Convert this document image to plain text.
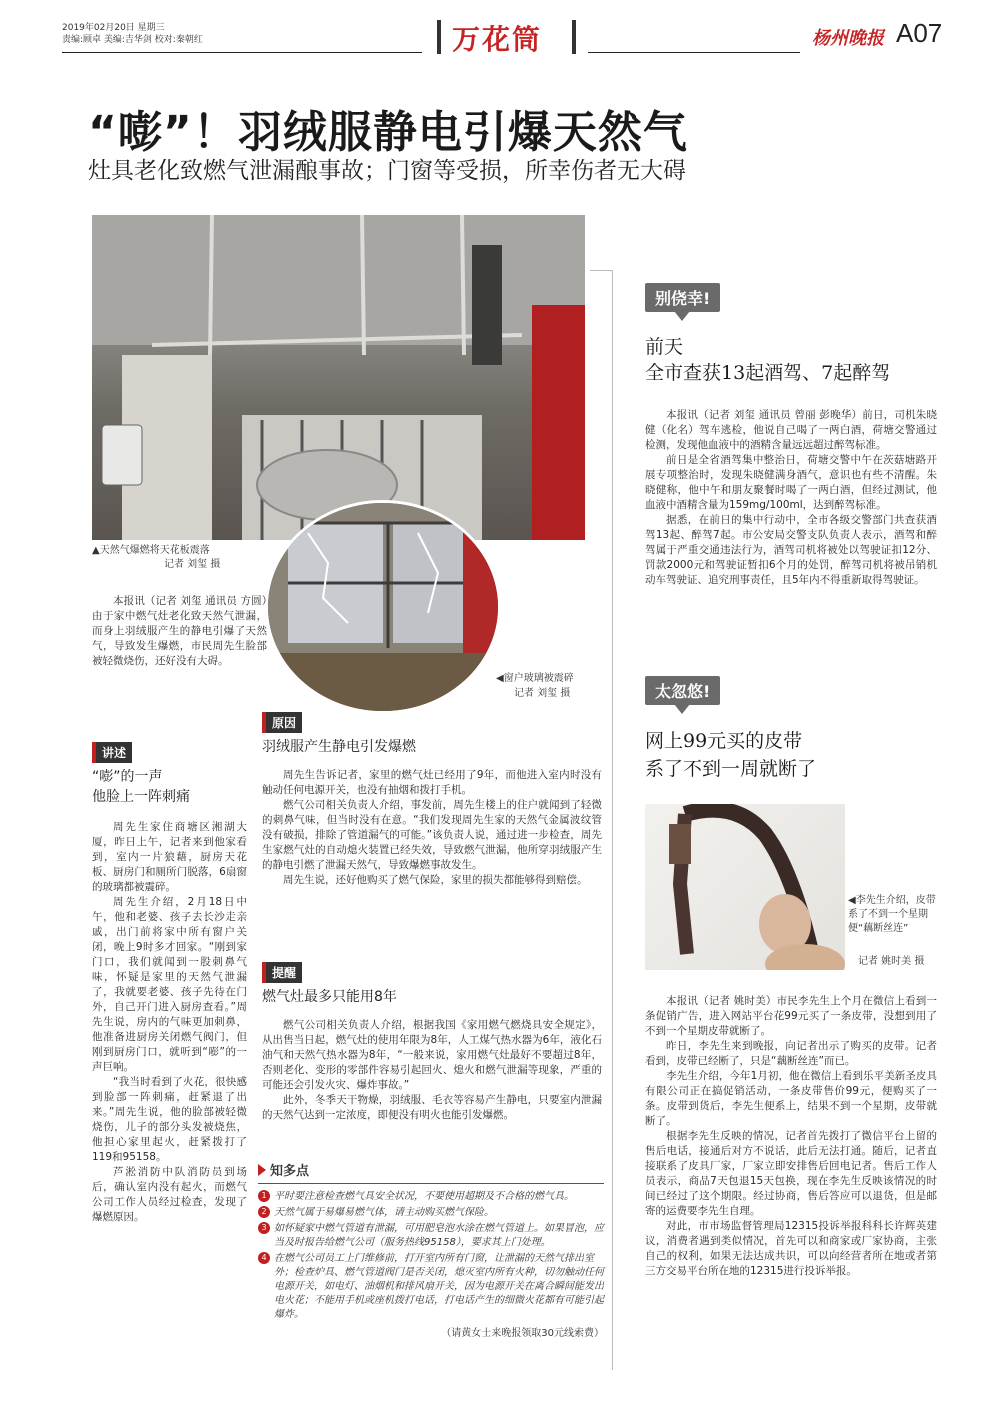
2019年02月20日 星期三
责编:顾卓 美编:吉华剑 校对:秦朝红	万花筒	杨州晚报 A07
“嘭”！羽绒服静电引爆天然气
灶具老化致燃气泄漏酿事故；门窗等受损，所幸伤者无大碍
▲天然气爆燃将天花板震落
记者 刘玺 摄
◀窗户玻璃被震碎
记者 刘玺 摄

本报讯（记者 刘玺 通讯员 方圆）由于家中燃气灶老化致天然气泄漏，而身上羽绒服产生的静电引爆了天然气，导致发生爆燃，市民周先生脸部被轻微烧伤，还好没有大碍。

讲述
“嘭”的一声
他脸上一阵刺痛

周先生家住商塘区湘湖大厦，昨日上午，记者来到他家看到，室内一片狼藉，厨房天花板、厨房门和厕所门脱落，6扇窗的玻璃都被震碎。

周先生介绍，2月18日中午，他和老婆、孩子去长沙走亲戚，出门前将家中所有窗户关闭，晚上9时多才回家。“刚到家门口，我们就闻到一股刺鼻气味，怀疑是家里的天然气泄漏了，我就要老婆、孩子先待在门外，自己开门进入厨房查看。”周先生说，房内的气味更加刺鼻，他准备进厨房关闭燃气阀门，但刚到厨房门口，就听到“嘭”的一声巨响。

“我当时看到了火花，很快感到脸部一阵刺痛，赶紧退了出来。”周先生说，他的脸部被轻微烧伤，儿子的部分头发被烧焦，他担心家里起火，赶紧拨打了119和95158。

芦淞消防中队消防员到场后，确认室内没有起火，而燃气公司工作人员经过检查，发现了爆燃原因。

原因
羽绒服产生静电引发爆燃

周先生告诉记者，家里的燃气灶已经用了9年，而他进入室内时没有触动任何电源开关，也没有抽烟和拨打手机。

燃气公司相关负责人介绍，事发前，周先生楼上的住户就闻到了轻微的刺鼻气味，但当时没有在意。“我们发现周先生家的天然气金属波纹管没有破损，排除了管道漏气的可能。”该负责人说，通过进一步检查，周先生家燃气灶的自动熄火装置已经失效，导致燃气泄漏，他所穿羽绒服产生的静电引燃了泄漏天然气，导致爆燃事故发生。

周先生说，还好他购买了燃气保险，家里的损失都能够得到赔偿。

提醒
燃气灶最多只能用8年

燃气公司相关负责人介绍，根据我国《家用燃气燃烧具安全规定》，从出售当日起，燃气灶的使用年限为8年，人工煤气热水器为6年，液化石油气和天然气热水器为8年，“一般来说，家用燃气灶最好不要超过8年，否则老化、变形的零部件容易引起回火、熄火和燃气泄漏等现象，严重的可能还会引发火灾、爆炸事故。”

此外，冬季天干物燥，羽绒服、毛衣等容易产生静电，只要室内泄漏的天然气达到一定浓度，即便没有明火也能引发爆燃。

知多点
1 平时要注意检查燃气具安全状况，不要使用超期及不合格的燃气具。
2 天然气属于易爆易燃气体，请主动购买燃气保险。
3 如怀疑家中燃气管道有泄漏，可用肥皂泡水涂在燃气管道上。如果冒泡，应当及时报告给燃气公司（服务热线95158），要求其上门处理。
4 在燃气公司员工上门维修前，打开室内所有门窗，让泄漏的天然气排出室外；检查炉具、燃气管道阀门是否关闭，熄灭室内所有火种，切勿触动任何电源开关，如电灯、油烟机和排风扇开关，因为电源开关在离合瞬间能发出电火花；不能用手机或座机拨打电话，打电话产生的细微火花都有可能引起爆炸。
（请黄女士来晚报领取30元线索费）
别侥幸!
前天
全市查获13起酒驾、7起醉驾

本报讯（记者 刘玺 通讯员 曾丽 彭晚华）前日，司机朱晓健（化名）驾车逃检，他说自己喝了一两白酒，荷塘交警通过检测，发现他血液中的酒精含量远远超过醉驾标准。

前日是全省酒驾集中整治日，荷塘交警中午在茨菇塘路开展专项整治时，发现朱晓健满身酒气，意识也有些不清醒。朱晓健称，他中午和朋友聚餐时喝了一两白酒，但经过测试，他血液中酒精含量为159mg/100ml，达到醉驾标准。

据悉，在前日的集中行动中，全市各级交警部门共查获酒驾13起、醉驾7起。市公安局交警支队负责人表示，酒驾和醉驾属于严重交通违法行为，酒驾司机将被处以驾驶证扣12分、罚款2000元和驾驶证暂扣6个月的处罚，醉驾司机将被吊销机动车驾驶证、追究刑事责任，且5年内不得重新取得驾驶证。

太忽悠!
网上99元买的皮带
系了不到一周就断了
◀李先生介绍，皮带系了不到一个星期便“藕断丝连”
记者 姚时美 摄

本报讯（记者 姚时美）市民李先生上个月在微信上看到一条促销广告，进入网站平台花99元买了一条皮带，没想到用了不到一个星期皮带就断了。

昨日，李先生来到晚报，向记者出示了购买的皮带。记者看到，皮带已经断了，只是“藕断丝连”而已。

李先生介绍，今年1月初，他在微信上看到乐平美新圣皮具有限公司正在搞促销活动，一条皮带售价99元，便购买了一条。皮带到货后，李先生便系上，结果不到一个星期，皮带就断了。

根据李先生反映的情况，记者首先拨打了微信平台上留的售后电话，接通后对方不说话，此后无法打通。随后，记者直接联系了皮具厂家，厂家立即安排售后回电记者。售后工作人员表示，商品7天包退15天包换，现在李先生反映该情况的时间已经过了这个期限。经过协商，售后答应可以退货，但是邮寄的运费要李先生自理。

对此，市市场监督管理局12315投诉举报科科长许辉英建议，消费者遇到类似情况，首先可以和商家或厂家协商，主张自己的权利，如果无法达成共识，可以向经营者所在地或者第三方交易平台所在地的12315进行投诉举报。
